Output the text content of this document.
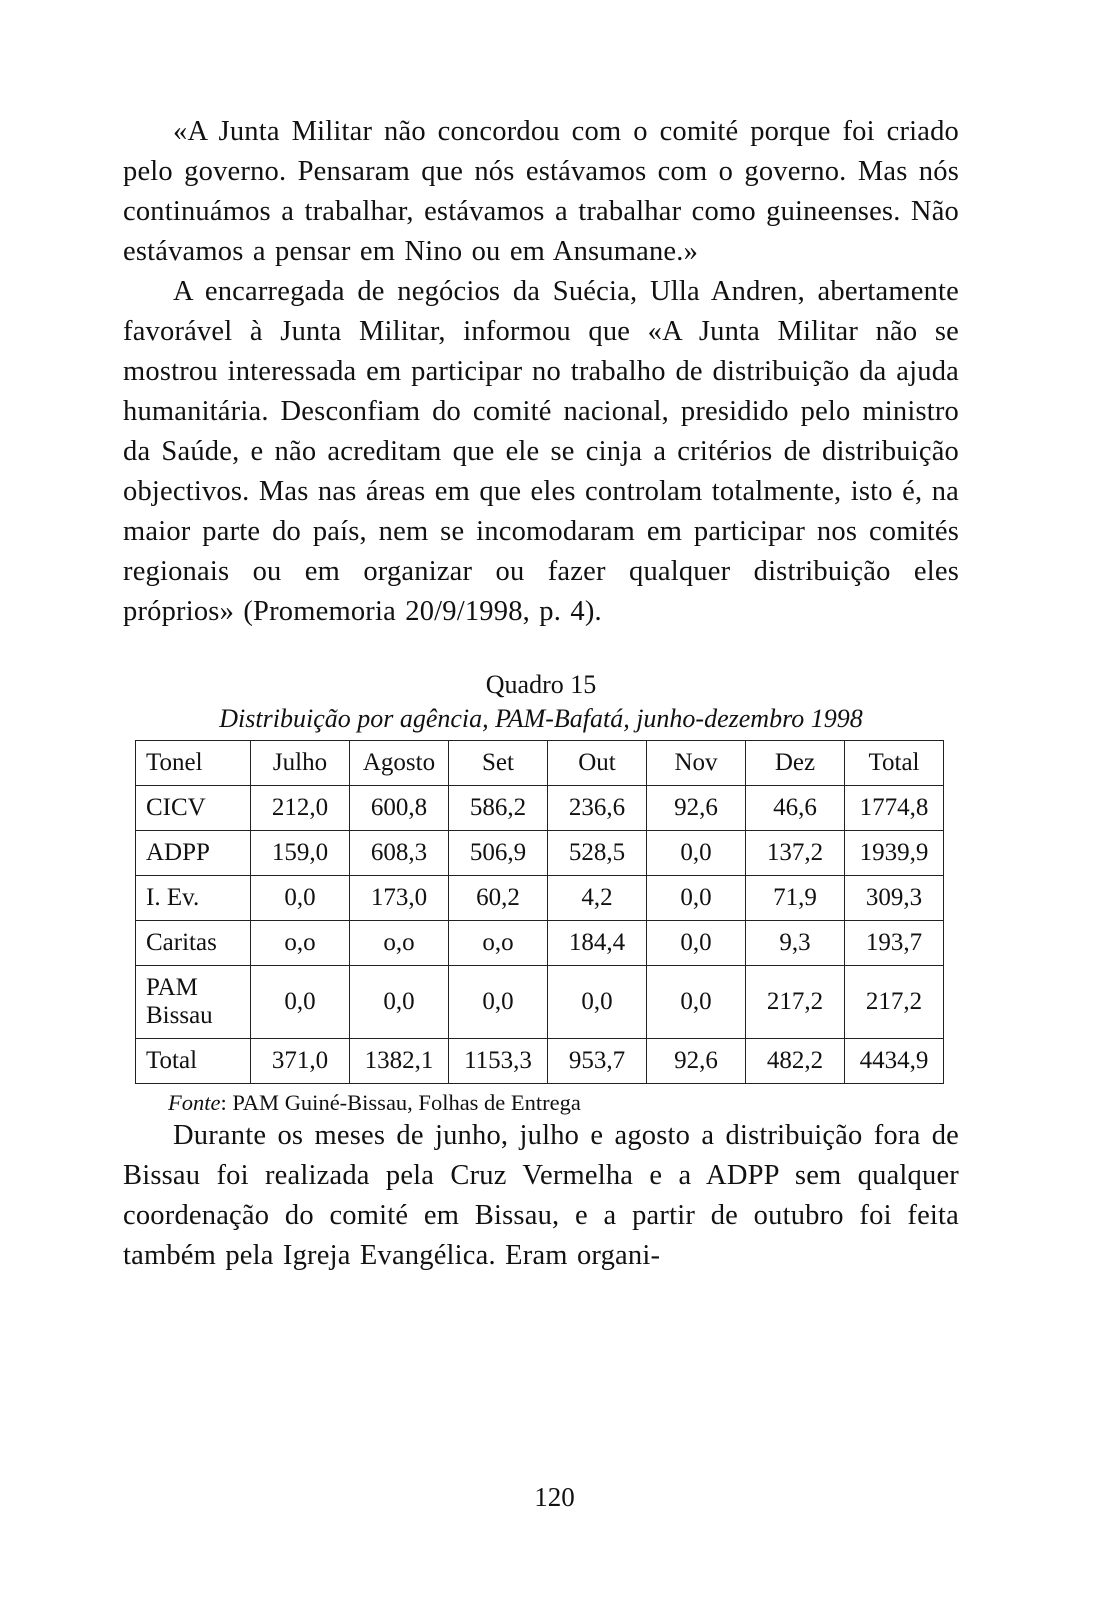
«A Junta Militar não concordou com o comité porque foi criado pelo governo. Pensaram que nós estávamos com o governo. Mas nós continuámos a trabalhar, estávamos a trabalhar como guineenses. Não estávamos a pensar em Nino ou em Ansumane.»

A encarregada de negócios da Suécia, Ulla Andren, abertamente favorável à Junta Militar, informou que «A Junta Militar não se mostrou interessada em participar no trabalho de distribuição da ajuda humanitária. Desconfiam do comité nacional, presidido pelo ministro da Saúde, e não acreditam que ele se cinja a critérios de distribuição objectivos. Mas nas áreas em que eles controlam totalmente, isto é, na maior parte do país, nem se incomodaram em participar nos comités regionais ou em organizar ou fazer qualquer distribuição eles próprios» (Promemoria 20/9/1998, p. 4).

Quadro 15

Distribuição por agência, PAM-Bafatá, junho-dezembro 1998

Tonel	Julho	Agosto	Set	Out	Nov	Dez	Total
CICV	212,0	600,8	586,2	236,6	92,6	46,6	1774,8
ADPP	159,0	608,3	506,9	528,5	0,0	137,2	1939,9
I. Ev.	0,0	173,0	60,2	4,2	0,0	71,9	309,3
Caritas	o,o	o,o	o,o	184,4	0,0	9,3	193,7
PAM Bissau	0,0	0,0	0,0	0,0	0,0	217,2	217,2
Total	371,0	1382,1	1153,3	953,7	92,6	482,2	4434,9

Fonte: PAM Guiné-Bissau, Folhas de Entrega

Durante os meses de junho, julho e agosto a distribuição fora de Bissau foi realizada pela Cruz Vermelha e a ADPP sem qualquer coordenação do comité em Bissau, e a partir de outubro foi feita também pela Igreja Evangélica. Eram organi-

120
